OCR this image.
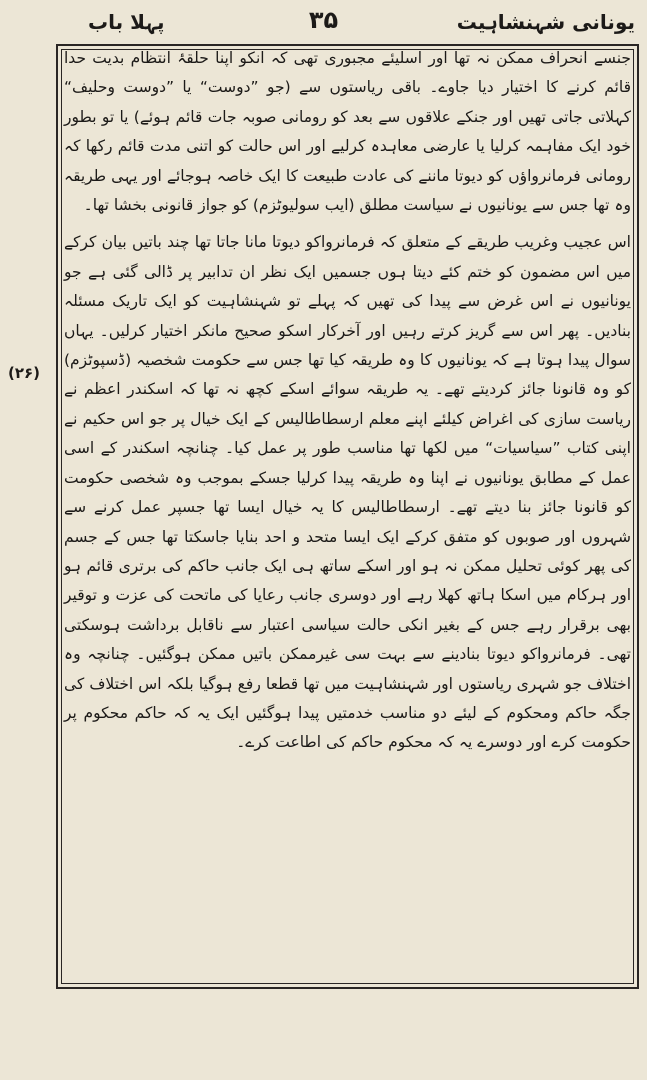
یونانی شہنشاہیت
۳۵
پہلا باب
(۲۶)

جنسے انحراف ممکن نہ تھا اور اسلیئے مجبوری تھی کہ انکو اپنا حلقۂ انتظام بدیت حدا قائم کرنے کا اختیار دیا جاوے۔ باقی ریاستوں سے (جو ”دوست“ یا ”دوست وحلیف“ کہلاتی جاتی تھیں اور جنکے علاقوں سے بعد کو رومانی صوبہ جات قائم ہوئے) یا تو بطور خود ایک مفاہمہ کرلیا یا عارضی معاہدہ کرلیے اور اس حالت کو اتنی مدت قائم رکھا کہ رومانی فرمانرواؤں کو دیوتا ماننے کی عادت طبیعت کا ایک خاصہ ہوجائے اور یہی طریقہ وہ تھا جس سے یونانیوں نے سیاست مطلق (ایب سولیوٹزم) کو جواز قانونی بخشا تھا۔

اس عجیب وغریب طریقے کے متعلق کہ فرمانرواکو دیوتا مانا جاتا تھا چند باتیں بیان کرکے میں اس مضمون کو ختم کئے دیتا ہوں جسمیں ایک نظر ان تدابیر پر ڈالی گئی ہے جو یونانیوں نے اس غرض سے پیدا کی تھیں کہ پہلے تو شہنشاہیت کو ایک تاریک مسئلہ بنادیں۔ پھر اس سے گریز کرتے رہیں اور آخرکار اسکو صحیح مانکر اختیار کرلیں۔ یہاں سوال پیدا ہوتا ہے کہ یونانیوں کا وہ طریقہ کیا تھا جس سے حکومت شخصیہ (ڈسپوٹزم) کو وہ قانونا جائز کردیتے تھے۔ یہ طریقہ سوائے اسکے کچھ نہ تھا کہ اسکندر اعظم نے ریاست سازی کی اغراض کیلئے اپنے معلم ارسطاطالیس کے ایک خیال پر جو اس حکیم نے اپنی کتاب ”سیاسیات“ میں لکھا تھا مناسب طور پر عمل کیا۔ چنانچہ اسکندر کے اسی عمل کے مطابق یونانیوں نے اپنا وہ طریقہ پیدا کرلیا جسکے بموجب وہ شخصی حکومت کو قانونا جائز بنا دیتے تھے۔ ارسطاطالیس کا یہ خیال ایسا تھا جسپر عمل کرنے سے شہروں اور صوبوں کو متفق کرکے ایک ایسا متحد و احد بنایا جاسکتا تھا جس کے جسم کی پھر کوئی تحلیل ممکن نہ ہو اور اسکے ساتھ ہی ایک جانب حاکم کی برتری قائم ہو اور ہرکام میں اسکا ہاتھ کھلا رہے اور دوسری جانب رعایا کی ماتحت کی عزت و توقیر بھی برقرار رہے جس کے بغیر انکی حالت سیاسی اعتبار سے ناقابل برداشت ہوسکتی تھی۔ فرمانرواکو دیوتا بنادینے سے بہت سی غیرممکن باتیں ممکن ہوگئیں۔ چنانچہ وہ اختلاف جو شہری ریاستوں اور شہنشاہیت میں تھا قطعا رفع ہوگیا بلکہ اس اختلاف کی جگہ حاکم ومحکوم کے لیئے دو مناسب خدمتیں پیدا ہوگئیں ایک یہ کہ حاکم محکوم پر حکومت کرے اور دوسرے یہ کہ محکوم حاکم کی اطاعت کرے۔
